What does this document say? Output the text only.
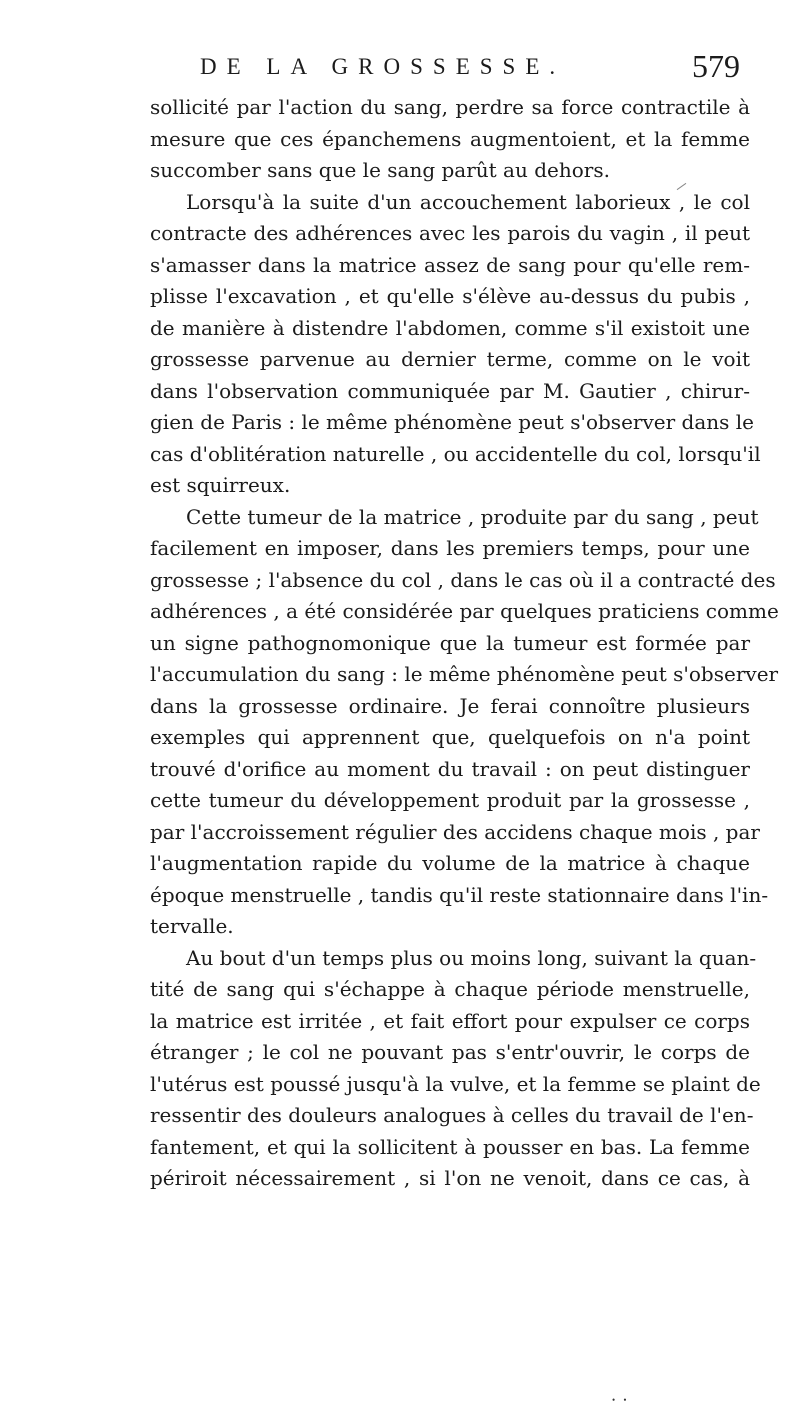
DE LA GROSSESSE.	579
sollicité par l'action du sang, perdre sa force contractile à
mesure que ces épanchemens augmentoient, et la femme
succomber sans que le sang parût au dehors.
Lorsqu'à la suite d'un accouchement laborieux , le col
contracte des adhérences avec les parois du vagin , il peut
s'amasser dans la matrice assez de sang pour qu'elle rem-
plisse l'excavation , et qu'elle s'élève au-dessus du pubis ,
de manière à distendre l'abdomen, comme s'il existoit une
grossesse parvenue au dernier terme, comme on le voit
dans l'observation communiquée par M. Gautier , chirur-
gien de Paris : le même phénomène peut s'observer dans le
cas d'oblitération naturelle , ou accidentelle du col, lorsqu'il
est squirreux.
Cette tumeur de la matrice , produite par du sang , peut
facilement en imposer, dans les premiers temps, pour une
grossesse ; l'absence du col , dans le cas où il a contracté des
adhérences , a été considérée par quelques praticiens comme
un signe pathognomonique que la tumeur est formée par
l'accumulation du sang : le même phénomène peut s'observer
dans la grossesse ordinaire. Je ferai connoître plusieurs
exemples qui apprennent que, quelquefois on n'a point
trouvé d'orifice au moment du travail : on peut distinguer
cette tumeur du développement produit par la grossesse ,
par l'accroissement régulier des accidens chaque mois , par
l'augmentation rapide du volume de la matrice à chaque
époque menstruelle , tandis qu'il reste stationnaire dans l'in-
tervalle.
Au bout d'un temps plus ou moins long, suivant la quan-
tité de sang qui s'échappe à chaque période menstruelle,
la matrice est irritée , et fait effort pour expulser ce corps
étranger ; le col ne pouvant pas s'entr'ouvrir, le corps de
l'utérus est poussé jusqu'à la vulve, et la femme se plaint de
ressentir des douleurs analogues à celles du travail de l'en-
fantement, et qui la sollicitent à pousser en bas. La femme
périroit nécessairement , si l'on ne venoit, dans ce cas, à
• •
